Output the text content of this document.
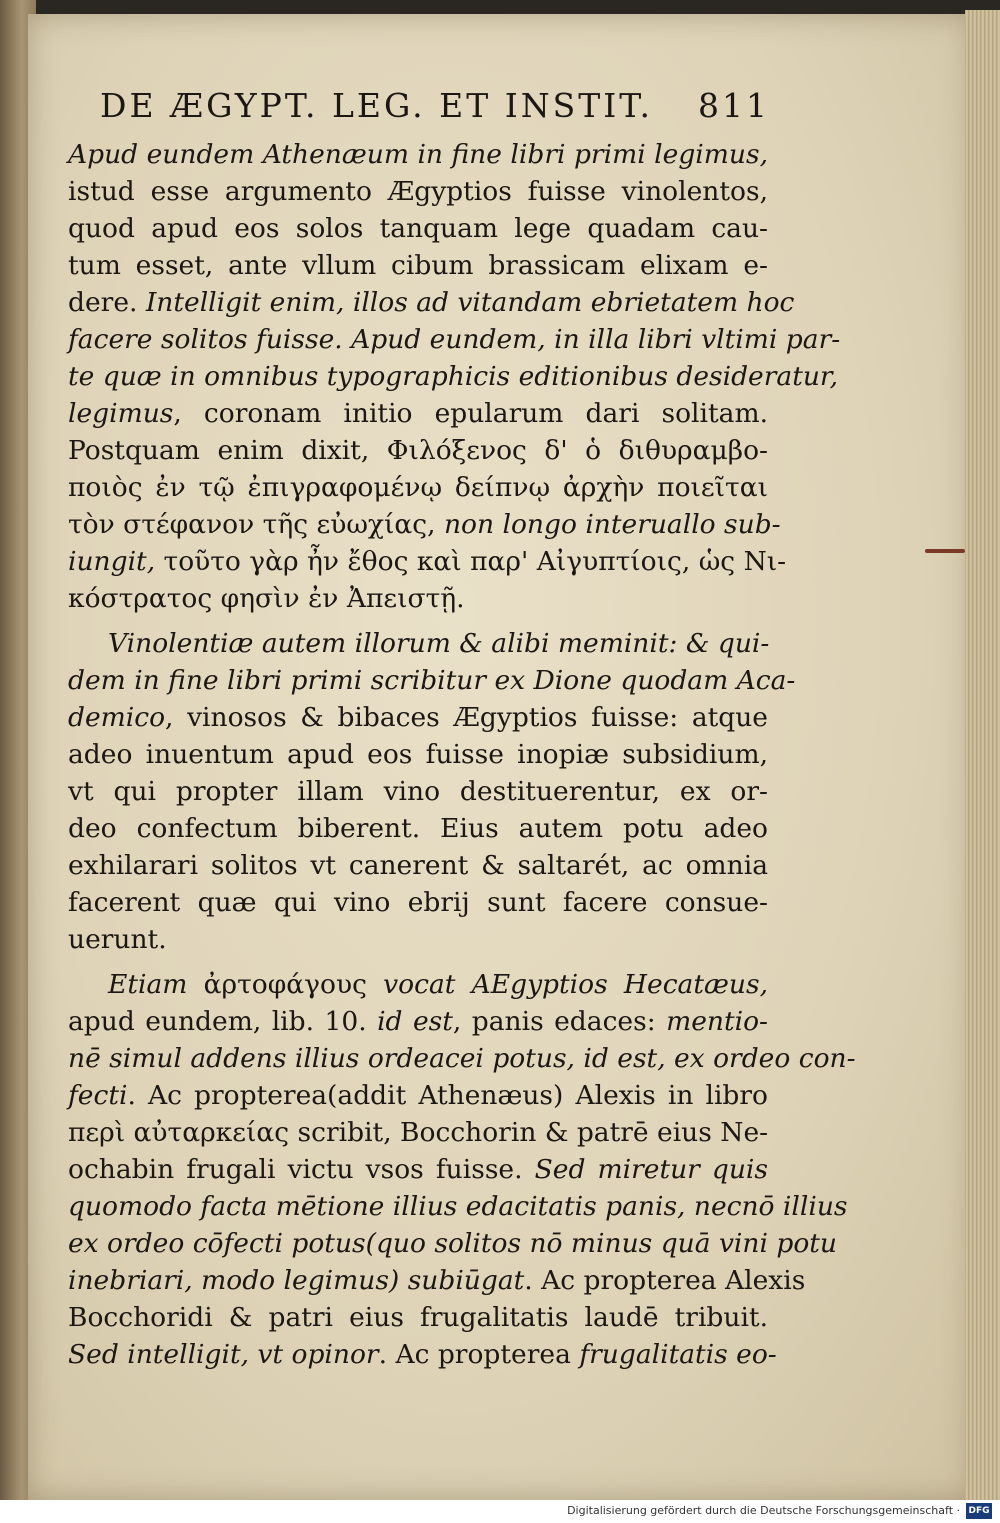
DE ÆGYPT. LEG. ET INSTIT. 811
Apud eundem Athenæum in fine libri primi legimus,
istud esse argumento Ægyptios fuisse vinolentos,
quod apud eos solos tanquam lege quadam cau-
tum esset, ante vllum cibum brassicam elixam e-
dere. Intelligit enim, illos ad vitandam ebrietatem hoc
facere solitos fuisse. Apud eundem, in illa libri vltimi par-
te quæ in omnibus typographicis editionibus desideratur,
legimus, coronam initio epularum dari solitam.
Postquam enim dixit, Φιλόξενος δ' ὁ διθυραμβο-
ποιὸς ἐν τῷ ἐπιγραφομένῳ δείπνῳ ἀρχὴν ποιεῖται
τὸν στέφανον τῆς εὐωχίας, non longo interuallo sub-
iungit, τοῦτο γὰρ ἦν ἔθος καὶ παρ' Αἰγυπτίοις, ὡς Νι-
κόστρατος φησὶν ἐν Ἀπειστῇ.
Vinolentiæ autem illorum & alibi meminit: & qui-
dem in fine libri primi scribitur ex Dione quodam Aca-
demico, vinosos & bibaces Ægyptios fuisse: atque
adeo inuentum apud eos fuisse inopiæ subsidium,
vt qui propter illam vino destituerentur, ex or-
deo confectum biberent. Eius autem potu adeo
exhilarari solitos vt canerent & saltarét, ac omnia
facerent quæ qui vino ebrij sunt facere consue-
uerunt.
Etiam ἀρτοφάγους vocat AEgyptios Hecatæus,
apud eundem, lib. 10. id est, panis edaces: mentio-
nē simul addens illius ordeacei potus, id est, ex ordeo con-
fecti. Ac propterea(addit Athenæus) Alexis in libro
περὶ αὐταρκείας scribit, Bocchorin & patrē eius Ne-
ochabin frugali victu vsos fuisse. Sed miretur quis
quomodo facta mētione illius edacitatis panis, necnō illius
ex ordeo cōfecti potus(quo solitos nō minus quā vini potu
inebriari, modo legimus) subiūgat. Ac propterea Alexis
Bocchoridi & patri eius frugalitatis laudē tribuit.
Sed intelligit, vt opinor. Ac propterea frugalitatis eo-
Digitalisierung gefördert durch die Deutsche Forschungsgemeinschaft · DFG
